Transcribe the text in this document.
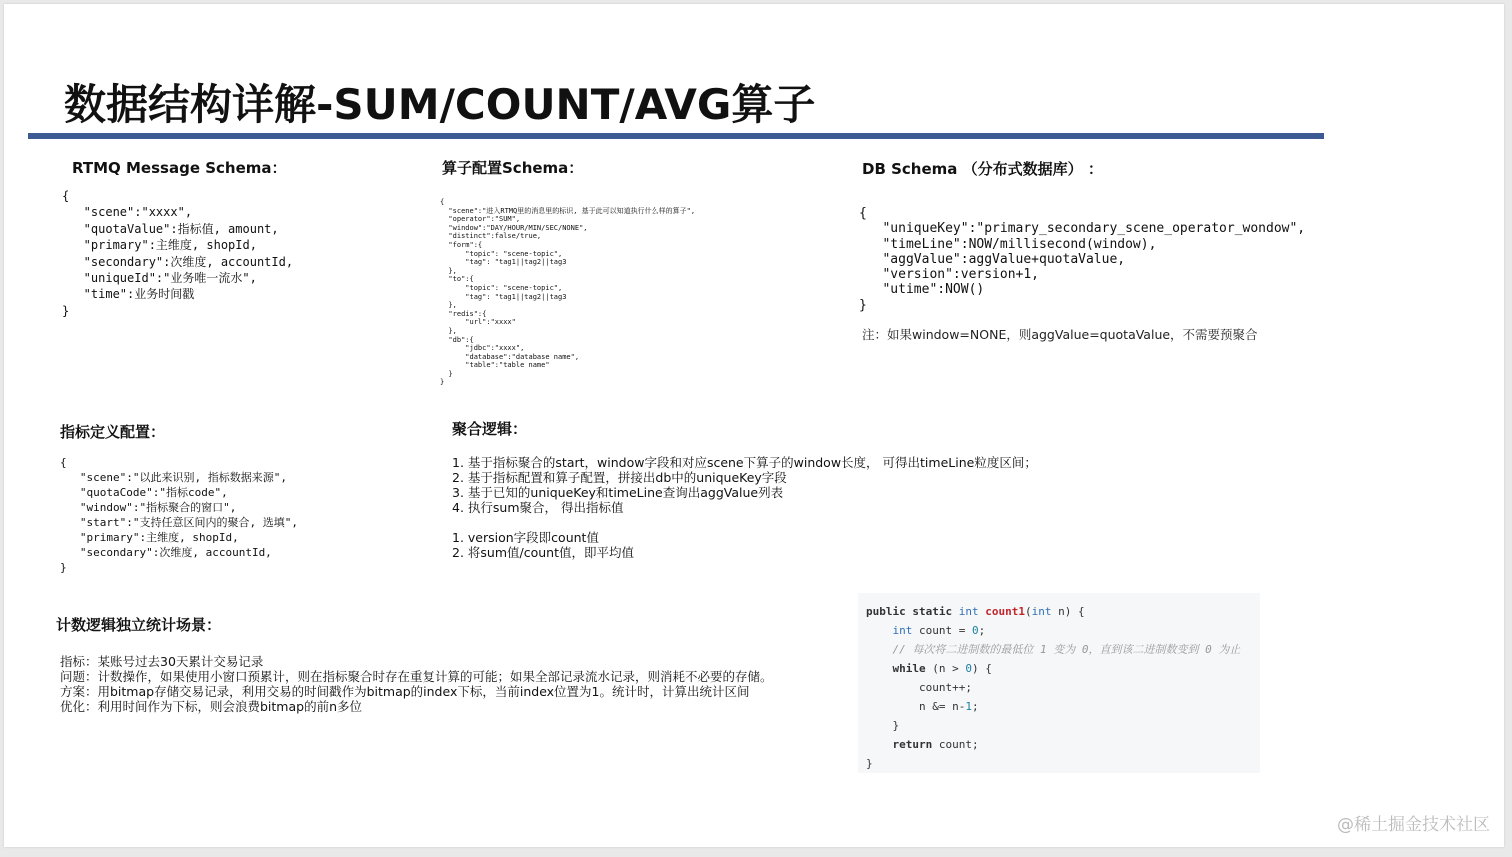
数据结构详解-SUM/COUNT/AVG算子
RTMQ Message Schema：
{
"scene":"xxxx",
"quotaValue":指标值, amount,
"primary":主维度, shopId,
"secondary":次维度, accountId,
"uniqueId":"业务唯一流水",
"time":业务时间戳
}
算子配置Schema：
{
"scene":"进入RTMQ里的消息里的标识, 基于此可以知道执行什么样的算子",
"operator":"SUM",
"window":"DAY/HOUR/MIN/SEC/NONE",
"distinct":false/true,
"form":{
"topic": "scene-topic",
"tag": "tag1||tag2||tag3
},
"to":{
"topic": "scene-topic",
"tag": "tag1||tag2||tag3
},
"redis":{
"url":"xxxx"
},
"db":{
"jdbc":"xxxx",
"database":"database name",
"table":"table name"
}
}
DB Schema （分布式数据库） ：
{
"uniqueKey":"primary_secondary_scene_operator_wondow",
"timeLine":NOW/millisecond(window),
"aggValue":aggValue+quotaValue,
"version":version+1,
"utime":NOW()
}
注：如果window=NONE，则aggValue=quotaValue，不需要预聚合
指标定义配置：
{
"scene":"以此来识别, 指标数据来源",
"quotaCode":"指标code",
"window":"指标聚合的窗口",
"start":"支持任意区间内的聚合, 选填",
"primary":主维度, shopId,
"secondary":次维度, accountId,
}
聚合逻辑：
1. 基于指标聚合的start，window字段和对应scene下算子的window长度， 可得出timeLine粒度区间；
2. 基于指标配置和算子配置，拼接出db中的uniqueKey字段
3. 基于已知的uniqueKey和timeLine查询出aggValue列表
4. 执行sum聚合， 得出指标值
1. version字段即count值
2. 将sum值/count值，即平均值
计数逻辑独立统计场景：
指标：某账号过去30天累计交易记录
问题：计数操作，如果使用小窗口预累计，则在指标聚合时存在重复计算的可能；如果全部记录流水记录，则消耗不必要的存储。
方案：用bitmap存储交易记录，利用交易的时间戳作为bitmap的index下标，当前index位置为1。统计时，计算出统计区间
优化：利用时间作为下标，则会浪费bitmap的前n多位
public static int count1(int n) {
int count = 0;
// 每次将二进制数的最低位 1 变为 0，直到该二进制数变到 0 为止
while (n > 0) {
count++;
n &= n-1;
}
return count;
}
@稀土掘金技术社区
